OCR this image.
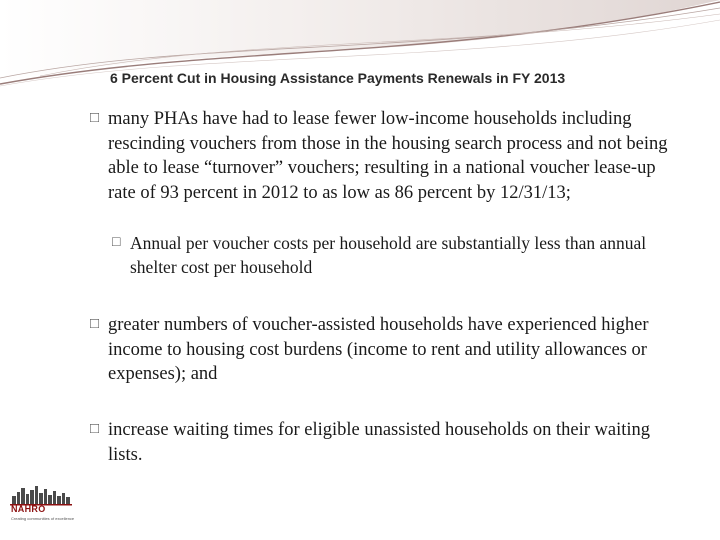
6 Percent Cut in Housing Assistance Payments Renewals in FY 2013
□ many PHAs have had to lease fewer low-income households including rescinding vouchers from those in the housing search process and not being able to lease “turnover” vouchers; resulting in a national voucher lease-up rate of 93 percent in 2012 to as low as 86 percent by 12/31/13;
□ Annual per voucher costs per household are substantially less than annual shelter cost per household
□ greater numbers of voucher-assisted households have experienced higher income to housing cost burdens (income to rent and utility allowances or expenses); and
□ increase waiting times for eligible unassisted households on their waiting lists.
NAHRO
Creating communities of excellence
